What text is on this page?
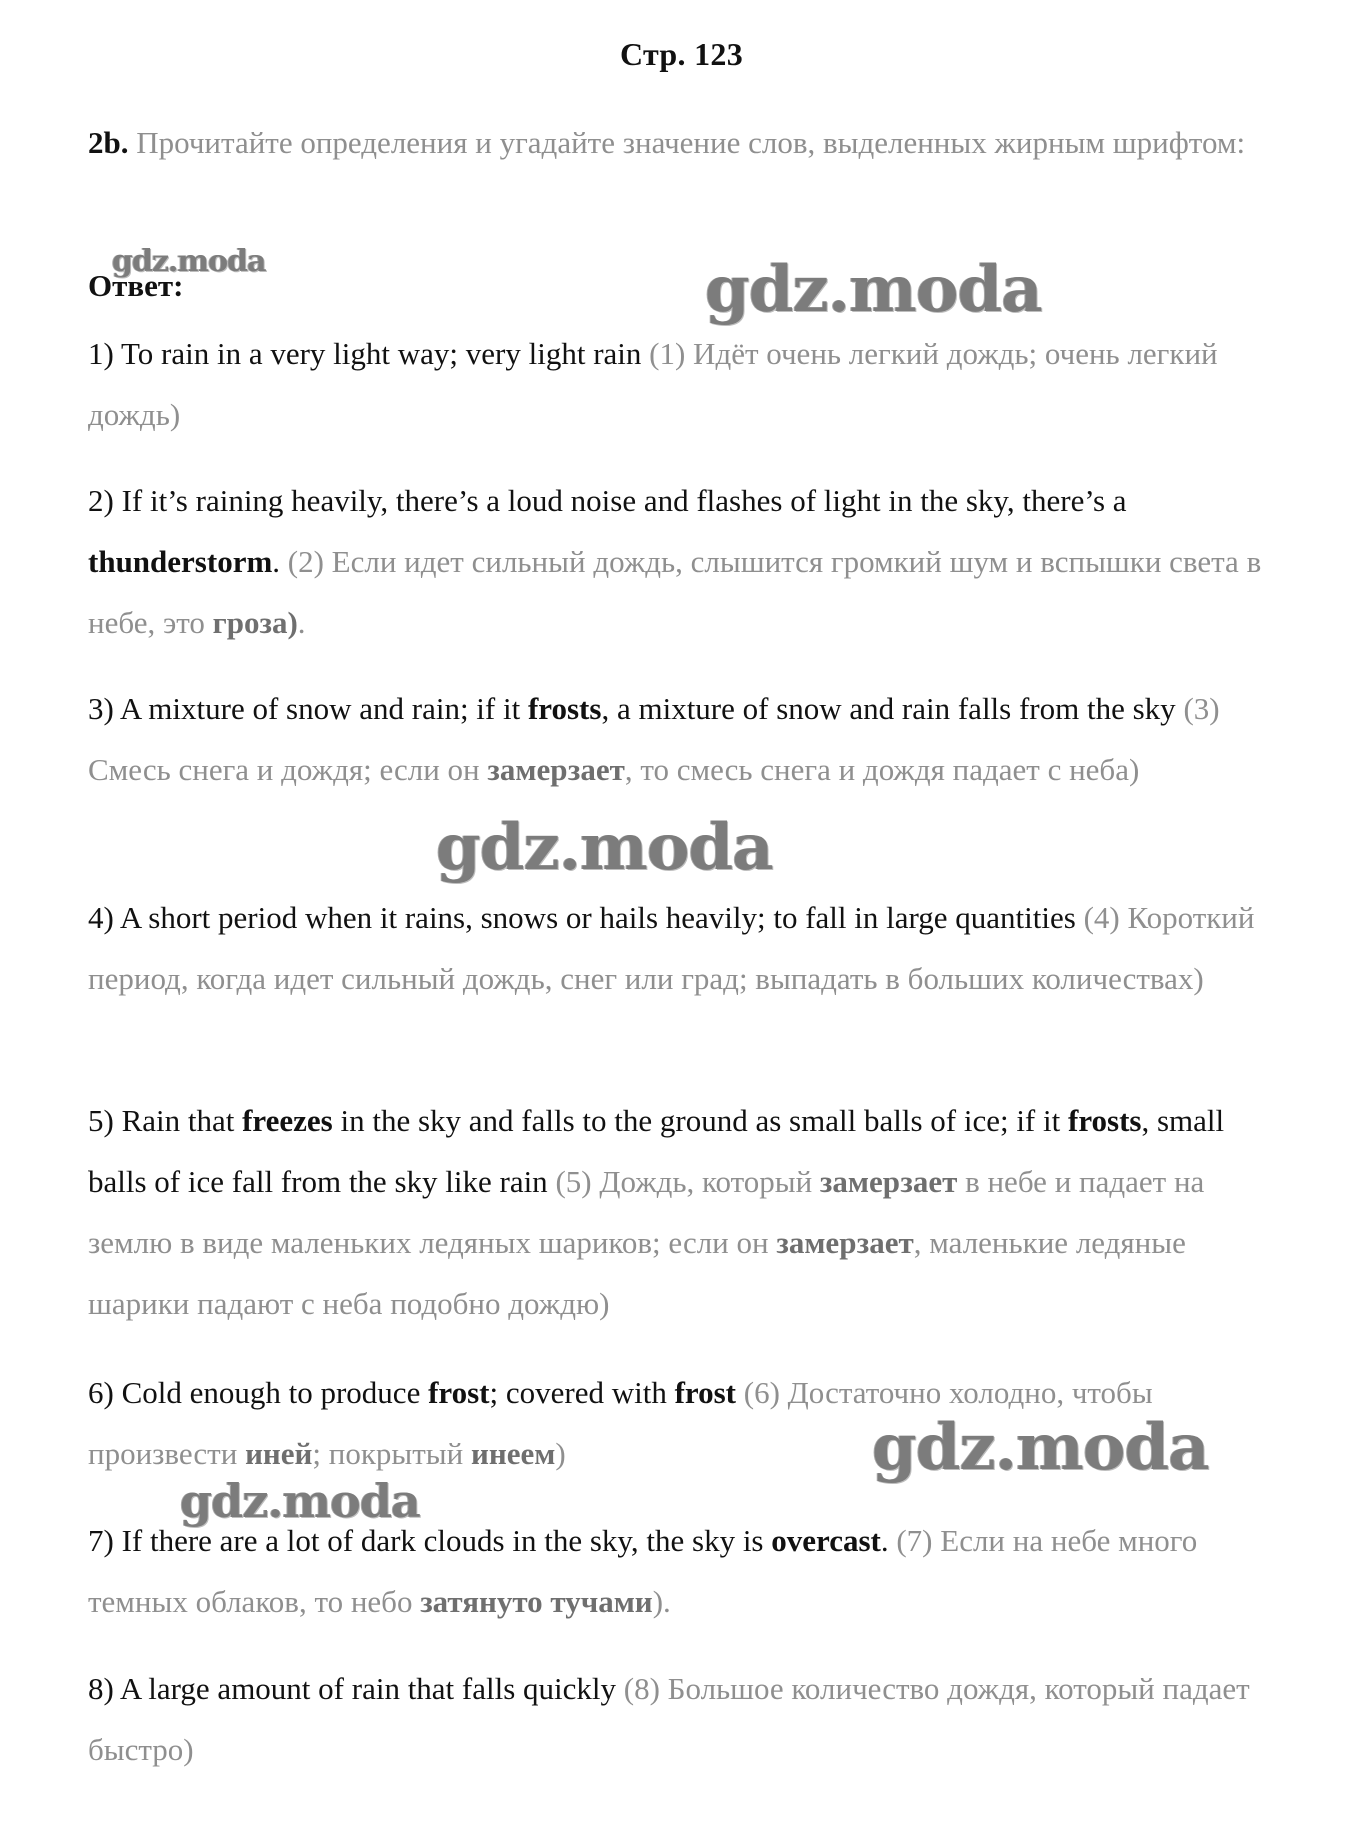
Стр. 123
2b. Прочитайте определения и угадайте значение слов, выделенных жирным шрифтом:
gdz.moda
Ответ:	gdz.moda
1) To rain in a very light way; very light rain (1) Идёт очень легкий дождь; очень легкий дождь)
2) If it’s raining heavily, there’s a loud noise and flashes of light in the sky, there’s a thunderstorm. (2) Если идет сильный дождь, слышится громкий шум и вспышки света в небе, это гроза).
3) A mixture of snow and rain; if it frosts, a mixture of snow and rain falls from the sky (3) Смесь снега и дождя; если он замерзает, то смесь снега и дождя падает с неба)
gdz.moda
4) A short period when it rains, snows or hails heavily; to fall in large quantities (4) Короткий период, когда идет сильный дождь, снег или град; выпадать в больших количествах)
5) Rain that freezes in the sky and falls to the ground as small balls of ice; if it frosts, small balls of ice fall from the sky like rain (5) Дождь, который замерзает в небе и падает на землю в виде маленьких ледяных шариков; если он замерзает, маленькие ледяные шарики падают с неба подобно дождю)
6) Cold enough to produce frost; covered with frost (6) Достаточно холодно, чтобы произвести иней; покрытый инеем)	gdz.moda
gdz.moda
7) If there are a lot of dark clouds in the sky, the sky is overcast. (7) Если на небе много темных облаков, то небо затянуто тучами).
8) A large amount of rain that falls quickly (8) Большое количество дождя, который падает быстро)
